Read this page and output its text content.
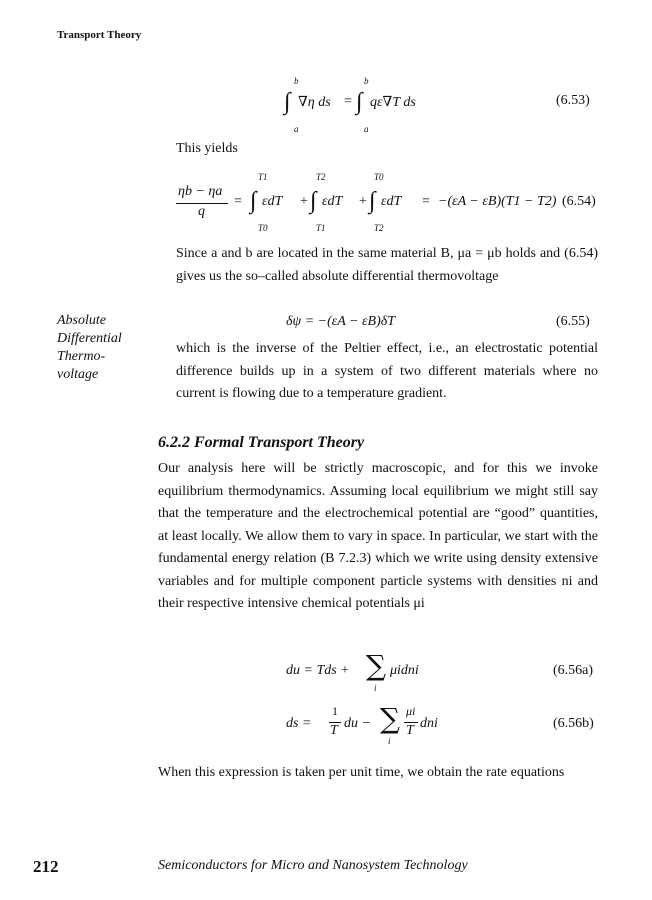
Transport Theory
b
∫ ∇η ds
a
=
b
∫ qε∇T ds
a
(6.53)
This yields
ηb − ηa
q
=
T1
∫ εdT
T0
+
T2
∫ εdT
T1
+
T0
∫ εdT
T2
= −(εA − εB)(T1 − T2) (6.54)
Since a and b are located in the same material B, μa = μb holds and (6.54) gives us the so–called absolute differential thermovoltage
Absolute
Differential
Thermo-
voltage
δψ = −(εA − εB)δT	(6.55)
which is the inverse of the Peltier effect, i.e., an electrostatic potential difference builds up in a system of two different materials where no current is flowing due to a temperature gradient.
6.2.2 Formal Transport Theory
Our analysis here will be strictly macroscopic, and for this we invoke equilibrium thermodynamics. Assuming local equilibrium we might still say that the temperature and the electrochemical potential are “good” quantities, at least locally. We allow them to vary in space. In particular, we start with the fundamental energy relation (B 7.2.3) which we write using density extensive variables and for multiple component particle systems with densities ni and their respective intensive chemical potentials μi
du = Tds + ∑
i
μidni	(6.56a)
ds =
1
T du − ∑
i
μi
T dni	(6.56b)
When this expression is taken per unit time, we obtain the rate equations
212	Semiconductors for Micro and Nanosystem Technology
